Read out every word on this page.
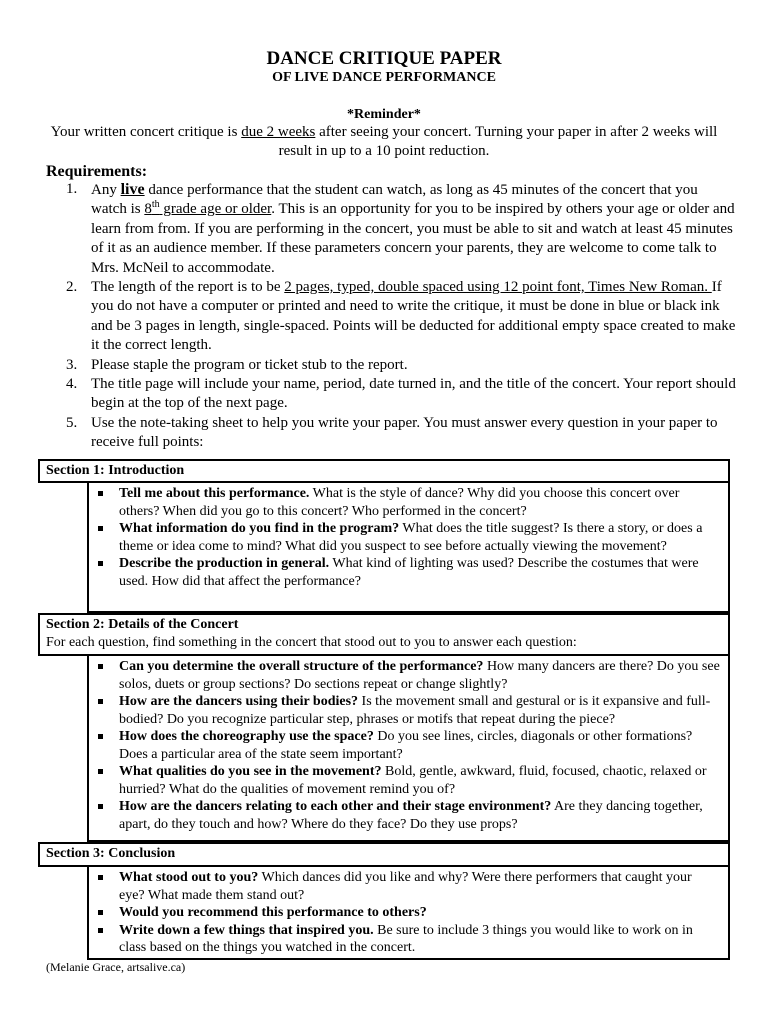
DANCE CRITIQUE PAPER
OF LIVE DANCE PERFORMANCE
*Reminder*
Your written concert critique is due 2 weeks after seeing your concert. Turning your paper in after 2 weeks will result in up to a 10 point reduction.
Requirements:
1. Any live dance performance that the student can watch, as long as 45 minutes of the concert that you watch is 8th grade age or older. This is an opportunity for you to be inspired by others your age or older and learn from from. If you are performing in the concert, you must be able to sit and watch at least 45 minutes of it as an audience member. If these parameters concern your parents, they are welcome to come talk to Mrs. McNeil to accommodate.
2. The length of the report is to be 2 pages, typed, double spaced using 12 point font, Times New Roman. If you do not have a computer or printed and need to write the critique, it must be done in blue or black ink and be 3 pages in length, single-spaced. Points will be deducted for additional empty space created to make it the correct length.
3. Please staple the program or ticket stub to the report.
4. The title page will include your name, period, date turned in, and the title of the concert. Your report should begin at the top of the next page.
5. Use the note-taking sheet to help you write your paper. You must answer every question in your paper to receive full points:
Section 1: Introduction
Tell me about this performance. What is the style of dance? Why did you choose this concert over others? When did you go to this concert? Who performed in the concert?
What information do you find in the program? What does the title suggest? Is there a story, or does a theme or idea come to mind? What did you suspect to see before actually viewing the movement?
Describe the production in general. What kind of lighting was used? Describe the costumes that were used. How did that affect the performance?
Section 2: Details of the Concert
For each question, find something in the concert that stood out to you to answer each question:
Can you determine the overall structure of the performance? How many dancers are there? Do you see solos, duets or group sections? Do sections repeat or change slightly?
How are the dancers using their bodies? Is the movement small and gestural or is it expansive and full-bodied? Do you recognize particular step, phrases or motifs that repeat during the piece?
How does the choreography use the space? Do you see lines, circles, diagonals or other formations? Does a particular area of the state seem important?
What qualities do you see in the movement? Bold, gentle, awkward, fluid, focused, chaotic, relaxed or hurried? What do the qualities of movement remind you of?
How are the dancers relating to each other and their stage environment? Are they dancing together, apart, do they touch and how? Where do they face? Do they use props?
Section 3: Conclusion
What stood out to you? Which dances did you like and why? Were there performers that caught your eye? What made them stand out?
Would you recommend this performance to others?
Write down a few things that inspired you. Be sure to include 3 things you would like to work on in class based on the things you watched in the concert.
(Melanie Grace, artsalive.ca)
